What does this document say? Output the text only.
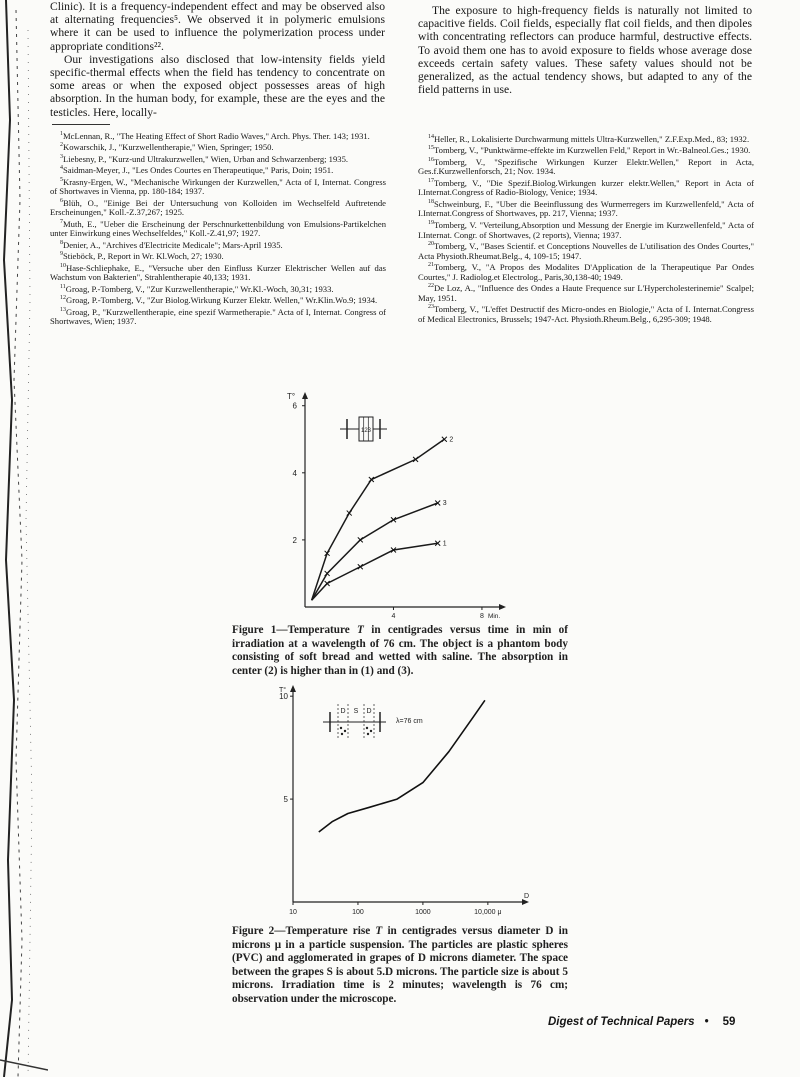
Clinic). It is a frequency-independent effect and may be observed also at alternating frequencies⁵. We observed it in polymeric emulsions where it can be used to influence the polymerization process under appropriate conditions²².

Our investigations also disclosed that low-intensity fields yield specific-thermal effects when the field has tendency to concentrate on some areas or when the exposed object possesses areas of high absorption. In the human body, for example, these are the eyes and the testicles. Here, locally-

The exposure to high-frequency fields is naturally not limited to capacitive fields. Coil fields, especially flat coil fields, and then dipoles with concentrating reflectors can produce harmful, destructive effects. To avoid them one has to avoid exposure to fields whose average dose exceeds certain safety values. These safety values should not be generalized, as the actual tendency shows, but adapted to any of the field patterns in use.

$^1$McLennan, R., "The Heating Effect of Short Radio Waves," Arch. Phys. Ther. 143; 1931.

$^2$Kowarschik, J., "Kurzwellentherapie," Wien, Springer; 1950.

$^3$Liebesny, P., "Kurz-und Ultrakurzwellen," Wien, Urban and Schwarzenberg; 1935.

$^4$Saidman-Meyer, J., "Les Ondes Courtes en Therapeutique," Paris, Doin; 1951.

$^5$Krasny-Ergen, W., "Mechanische Wirkungen der Kurzwellen," Acta of I, Internat. Congress of Shortwaves in Vienna, pp. 180-184; 1937.

$^6$Blüh, O., "Einige Bei der Untersuchung von Kolloiden im Wechselfeld Auftretende Erscheinungen," Koll.-Z.37,267; 1925.

$^7$Muth, E., "Ueber die Erscheinung der Perschnurkettenbildung von Emulsions-Partikelchen unter Einwirkung eines Wechselfeldes," Koll.-Z.41,97; 1927.

$^8$Denier, A., "Archives d'Electricite Medicale"; Mars-April 1935.

$^9$Stieböck, P., Report in Wr. Kl.Woch, 27; 1930.

$^{10}$Hase-Schliephake, E., "Versuche uber den Einfluss Kurzer Elektrischer Wellen auf das Wachstum von Bakterien", Strahlentherapie 40,133; 1931.

$^{11}$Groag, P.-Tomberg, V., "Zur Kurzwellentherapie," Wr.Kl.-Woch, 30,31; 1933.

$^{12}$Groag, P.-Tomberg, V., "Zur Biolog.Wirkung Kurzer Elektr. Wellen," Wr.Klin.Wo.9; 1934.

$^{13}$Groag, P., "Kurzwellentherapie, eine spezif Warmetherapie." Acta of I, Internat. Congress of Shortwaves, Wien; 1937.

$^{14}$Heller, R., Lokalisierte Durchwarmung mittels Ultra-Kurzwellen," Z.F.Exp.Med., 83; 1932.

$^{15}$Tomberg, V., "Punktwärme-effekte im Kurzwellen Feld," Report in Wr.-Balneol.Ges.; 1930.

$^{16}$Tomberg, V., "Spezifische Wirkungen Kurzer Elektr.Wellen," Report in Acta, Ges.f.Kurzwellenforsch, 21; Nov. 1934.

$^{17}$Tomberg, V., "Die Spezif.Biolog.Wirkungen kurzer elektr.Wellen," Report in Acta of I.Internat.Congress of Radio-Biology, Venice; 1934.

$^{18}$Schweinburg, F., "Uber die Beeinflussung des Wurmerregers im Kurzwellenfeld," Acta of I.Internat.Congress of Shortwaves, pp. 217, Vienna; 1937.

$^{19}$Tomberg, V. "Verteilung,Absorption und Messung der Energie im Kurzwellenfeld," Acta of I.Internat. Congr. of Shortwaves, (2 reports), Vienna; 1937.

$^{20}$Tomberg, V., "Bases Scientif. et Conceptions Nouvelles de L'utilisation des Ondes Courtes," Acta Physioth.Rheumat.Belg., 4, 109-15; 1947.

$^{21}$Tomberg, V., "A Propos des Modalites D'Application de la Therapeutique Par Ondes Courtes," J. Radiolog.et Electrolog., Paris,30,138-40; 1949.

$^{22}$De Loz, A., "Influence des Ondes a Haute Frequence sur L'Hypercholesterinemie" Scalpel; May, 1951.

$^{23}$Tomberg, V., "L'effet Destructif des Micro-ondes en Biologie," Acta of I. Internat.Congress of Medical Electronics, Brussels; 1947-Act. Physioth.Rheum.Belg., 6,295-309; 1948.

123
T°
2
4
6
4	8 Min.
1
2
3
D S D
λ=76 cm
T°
D
5
10
10	100	1000	10,000 μ
Figure 1—Temperature T in centigrades versus time in min of irradiation at a wavelength of 76 cm. The object is a phantom body consisting of soft bread and wetted with saline. The absorption in center (2) is higher than in (1) and (3).
Figure 2—Temperature rise T in centigrades versus diameter D in microns μ in a particle suspension. The particles are plastic spheres (PVC) and agglomerated in grapes of D microns diameter. The space between the grapes S is about 5.D microns. The particle size is about 5 microns. Irradiation time is 2 minutes; wavelength is 76 cm; observation under the microscope.
Digest of Technical Papers • 59
